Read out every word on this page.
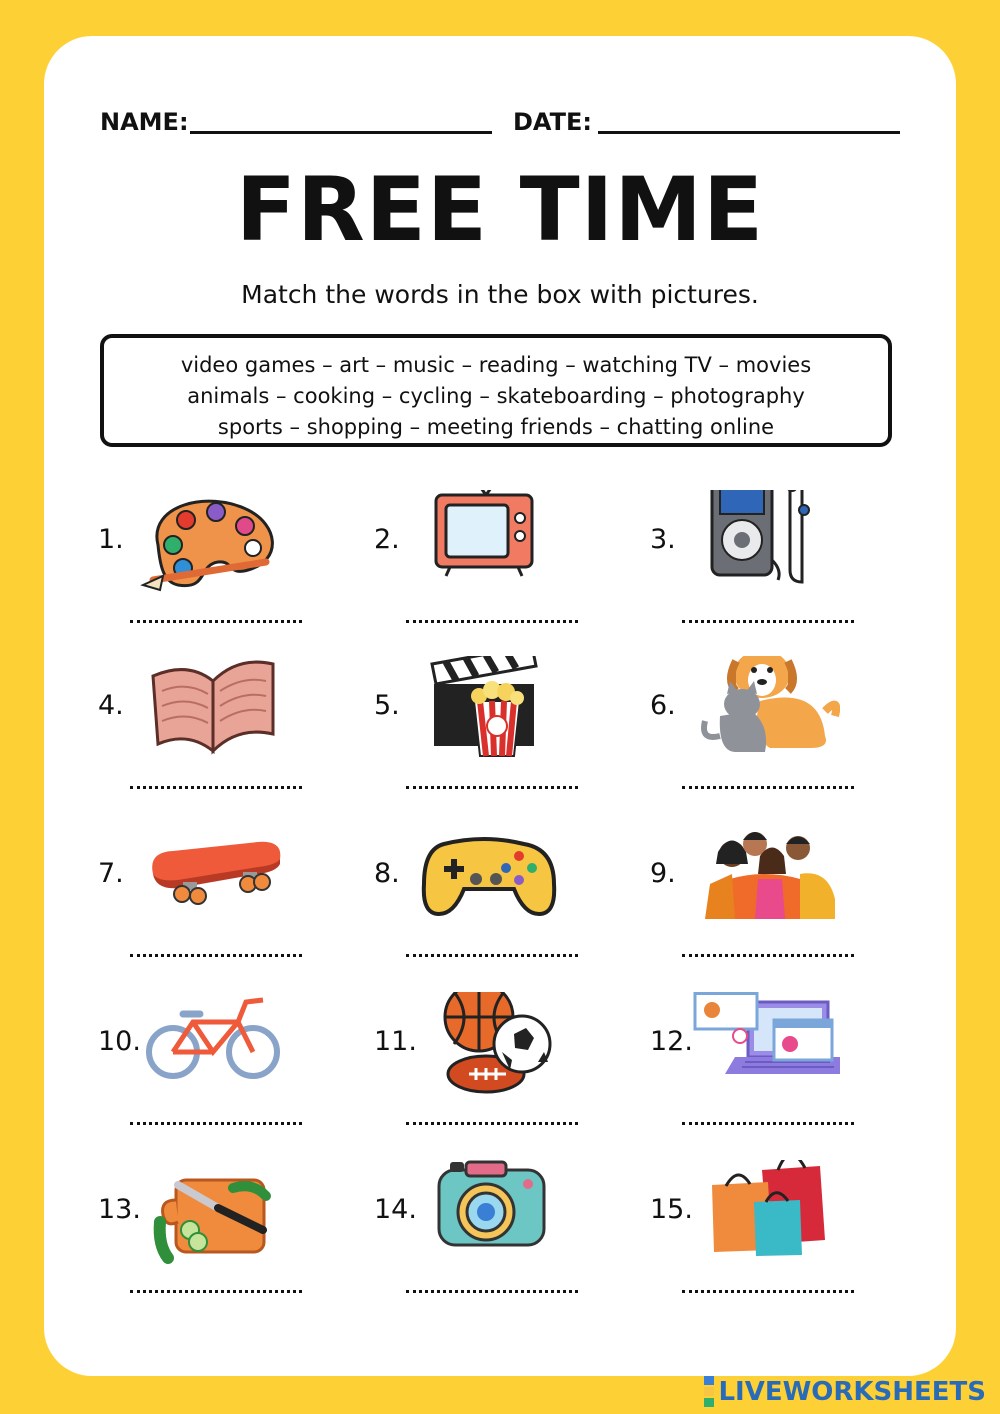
NAME:	DATE:
FREE TIME
Match the words in the box with pictures.
video games – art – music – reading – watching TV – movies
animals – cooking – cycling – skateboarding – photography
sports – shopping – meeting friends – chatting online
1.	2.	3.
4.	5.	6.
7.	8.	9.
10.	11.	12.
13.	14.	15.
LIVEWORKSHEETS
